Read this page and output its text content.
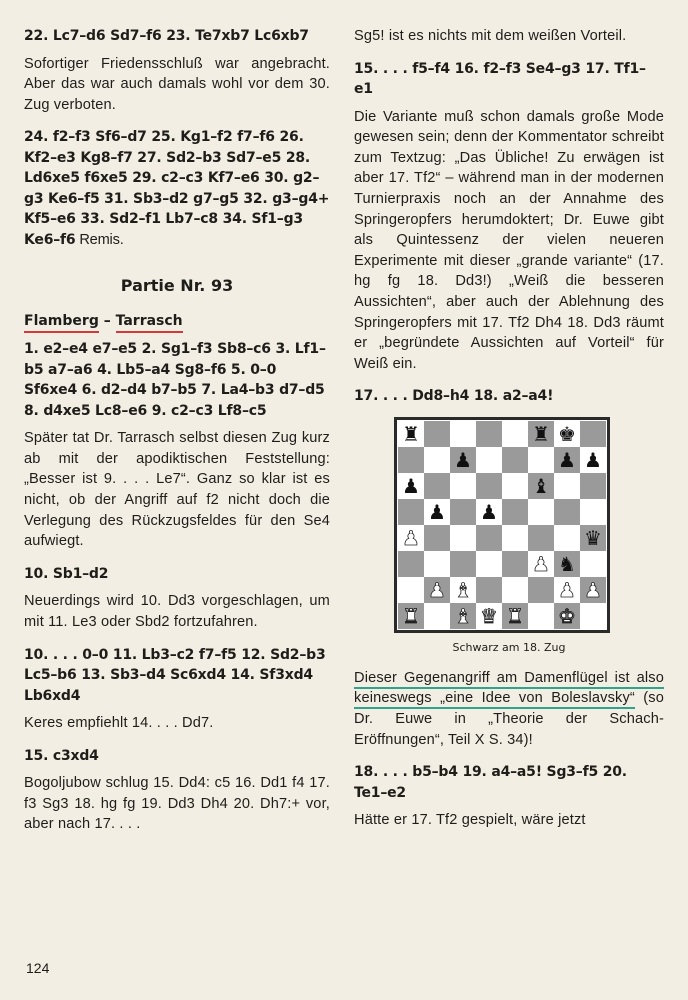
22. Lc7–d6 Sd7–f6 23. Te7xb7 Lc6xb7

Sofortiger Friedensschluß war angebracht. Aber das war auch damals wohl vor dem 30. Zug verboten.

24. f2–f3 Sf6–d7 25. Kg1–f2 f7–f6 26. Kf2–e3 Kg8–f7 27. Sd2–b3 Sd7–e5 28. Ld6xe5 f6xe5 29. c2–c3 Kf7–e6 30. g2–g3 Ke6–f5 31. Sb3–d2 g7–g5 32. g3–g4+ Kf5–e6 33. Sd2–f1 Lb7–c8 34. Sf1–g3 Ke6–f6 Remis.

Partie Nr. 93

Flamberg – Tarrasch

1. e2–e4 e7–e5 2. Sg1–f3 Sb8–c6 3. Lf1–b5 a7–a6 4. Lb5–a4 Sg8–f6 5. 0–0 Sf6xe4 6. d2–d4 b7–b5 7. La4–b3 d7–d5 8. d4xe5 Lc8–e6 9. c2–c3 Lf8–c5

Später tat Dr. Tarrasch selbst diesen Zug kurz ab mit der apodiktischen Feststellung: „Besser ist 9. . . . Le7“. Ganz so klar ist es nicht, ob der Angriff auf f2 nicht doch die Verlegung des Rückzugsfeldes für den Se4 aufwiegt.

10. Sb1–d2

Neuerdings wird 10. Dd3 vorgeschlagen, um mit 11. Le3 oder Sbd2 fortzufahren.

10. . . . 0–0 11. Lb3–c2 f7–f5 12. Sd2–b3 Lc5–b6 13. Sb3–d4 Sc6xd4 14. Sf3xd4 Lb6xd4

Keres empfiehlt 14. . . . Dd7.

15. c3xd4

Bogoljubow schlug 15. Dd4: c5 16. Dd1 f4 17. f3 Sg3 18. hg fg 19. Dd3 Dh4 20. Dh7:+ vor, aber nach 17. . . .

Sg5! ist es nichts mit dem weißen Vorteil.

15. . . . f5–f4 16. f2–f3 Se4–g3 17. Tf1–e1

Die Variante muß schon damals große Mode gewesen sein; denn der Kommentator schreibt zum Textzug: „Das Übliche! Zu erwägen ist aber 17. Tf2“ – während man in der modernen Turnierpraxis noch an der Annahme des Springeropfers herumdoktert; Dr. Euwe gibt als Quintessenz der vielen neueren Experimente mit dieser „grande variante“ (17. hg fg 18. Dd3!) „Weiß die besseren Aussichten“, aber auch der Ablehnung des Springeropfers mit 17. Tf2 Dh4 18. Dd3 räumt er „begründete Aussichten auf Vorteil“ für Weiß ein.

17. . . . Dd8–h4 18. a2–a4!

♜	♜ ♚
♟	♟ ♟
♟	♝
♟ ♟
♟	♛
♟ ♞
♟ ♝	♟ ♟
♜ ♝ ♛ ♜ ♚

Schwarz am 18. Zug

Dieser Gegenangriff am Damenflügel ist also keineswegs „eine Idee von Boleslavsky“ (so Dr. Euwe in „Theorie der Schach-Eröffnungen“, Teil X S. 34)!

18. . . . b5–b4 19. a4–a5! Sg3–f5 20. Te1–e2

Hätte er 17. Tf2 gespielt, wäre jetzt

124
